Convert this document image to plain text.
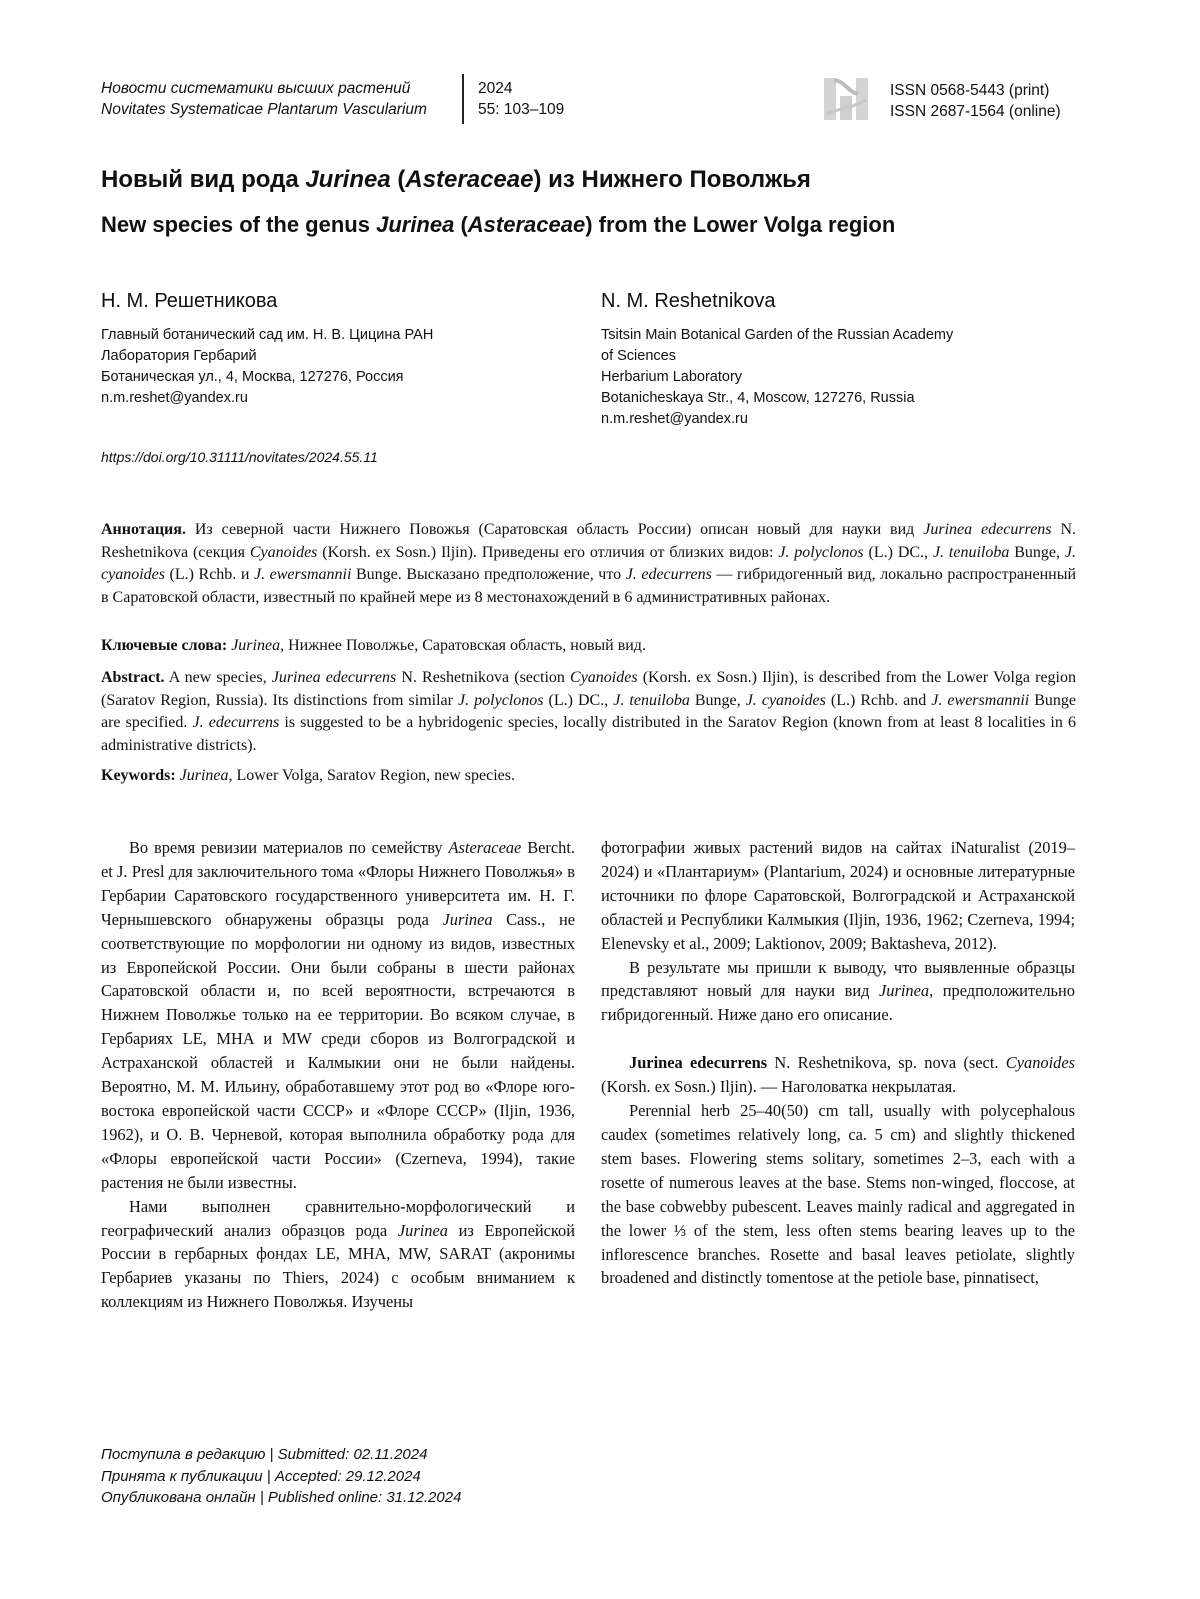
Новости систематики высших растений
Novitates Systematicae Plantarum Vascularium
2024
55: 103–109
ISSN 0568-5443 (print)
ISSN 2687-1564 (online)
Новый вид рода Jurinea (Asteraceae) из Нижнего Поволжья
New species of the genus Jurinea (Asteraceae) from the Lower Volga region
Н. М. Решетникова
Главный ботанический сад им. Н. В. Цицина РАН
Лаборатория Гербарий
Ботаническая ул., 4, Москва, 127276, Россия
n.m.reshet@yandex.ru
N. M. Reshetnikova
Tsitsin Main Botanical Garden of the Russian Academy
of Sciences
Herbarium Laboratory
Botanicheskaya Str., 4, Moscow, 127276, Russia
n.m.reshet@yandex.ru
https://doi.org/10.31111/novitates/2024.55.11
Аннотация. Из северной части Нижнего Повожья (Саратовская область России) описан новый для науки вид Jurinea edecurrens N. Reshetnikova (секция Cyanoides (Korsh. ex Sosn.) Iljin). Приведены его отличия от близких видов: J. polyclonos (L.) DC., J. tenuiloba Bunge, J. cyanoides (L.) Rchb. и J. ewersmannii Bunge. Высказано предположение, что J. edecurrens — гибридогенный вид, локально распространенный в Саратовской области, известный по крайней мере из 8 местонахождений в 6 административных районах.
Ключевые слова: Jurinea, Нижнее Поволжье, Саратовская область, новый вид.
Abstract. A new species, Jurinea edecurrens N. Reshetnikova (section Cyanoides (Korsh. ex Sosn.) Iljin), is described from the Lower Volga region (Saratov Region, Russia). Its distinctions from similar J. polyclonos (L.) DC., J. tenuiloba Bunge, J. cyanoides (L.) Rchb. and J. ewersmannii Bunge are specified. J. edecurrens is suggested to be a hybridogenic species, locally distributed in the Saratov Region (known from at least 8 localities in 6 administrative districts).
Keywords: Jurinea, Lower Volga, Saratov Region, new species.

Во время ревизии материалов по семейству Asteraceae Bercht. et J. Presl для заключительного тома «Флоры Нижнего Поволжья» в Гербарии Саратовского государственного университета им. Н. Г. Чернышевского обнаружены образцы рода Jurinea Cass., не соответствующие по морфологии ни одному из видов, известных из Европейской России. Они были собраны в шести районах Саратовской области и, по всей вероятности, встречаются в Нижнем Поволжье только на ее территории. Во всяком случае, в Гербариях LE, MHA и MW среди сборов из Волгоградской и Астраханской областей и Калмыкии они не были найдены. Вероятно, М. М. Ильину, обработавшему этот род во «Флоре юго-востока европейской части СССР» и «Флоре СССР» (Iljin, 1936, 1962), и О. В. Черневой, которая выполнила обработку рода для «Флоры европейской части России» (Czerneva, 1994), такие растения не были известны.

Нами выполнен сравнительно-морфологический и географический анализ образцов рода Jurinea из Европейской России в гербарных фондах LE, MHA, MW, SARAT (акронимы Гербариев указаны по Thiers, 2024) с особым вниманием к коллекциям из Нижнего Поволжья. Изучены

фотографии живых растений видов на сайтах iNaturalist (2019–2024) и «Плантариум» (Plantarium, 2024) и основные литературные источники по флоре Саратовской, Волгоградской и Астраханской областей и Республики Калмыкия (Iljin, 1936, 1962; Czerneva, 1994; Elenevsky et al., 2009; Laktionov, 2009; Baktasheva, 2012).

В результате мы пришли к выводу, что выявленные образцы представляют новый для науки вид Jurinea, предположительно гибридогенный. Ниже дано его описание.

Jurinea edecurrens N. Reshetnikova, sp. nova (sect. Cyanoides (Korsh. ex Sosn.) Iljin). — Наголоватка некрылатая.

Perennial herb 25–40(50) cm tall, usually with polycephalous caudex (sometimes relatively long, ca. 5 cm) and slightly thickened stem bases. Flowering stems solitary, sometimes 2–3, each with a rosette of numerous leaves at the base. Stems non-winged, floccose, at the base cobwebby pubescent. Leaves mainly radical and aggregated in the lower ⅓ of the stem, less often stems bearing leaves up to the inflorescence branches. Rosette and basal leaves petiolate, slightly broadened and distinctly tomentose at the petiole base, pinnatisect,

Поступила в редакцию | Submitted: 02.11.2024
Принята к публикации | Accepted: 29.12.2024
Опубликована онлайн | Published online: 31.12.2024
